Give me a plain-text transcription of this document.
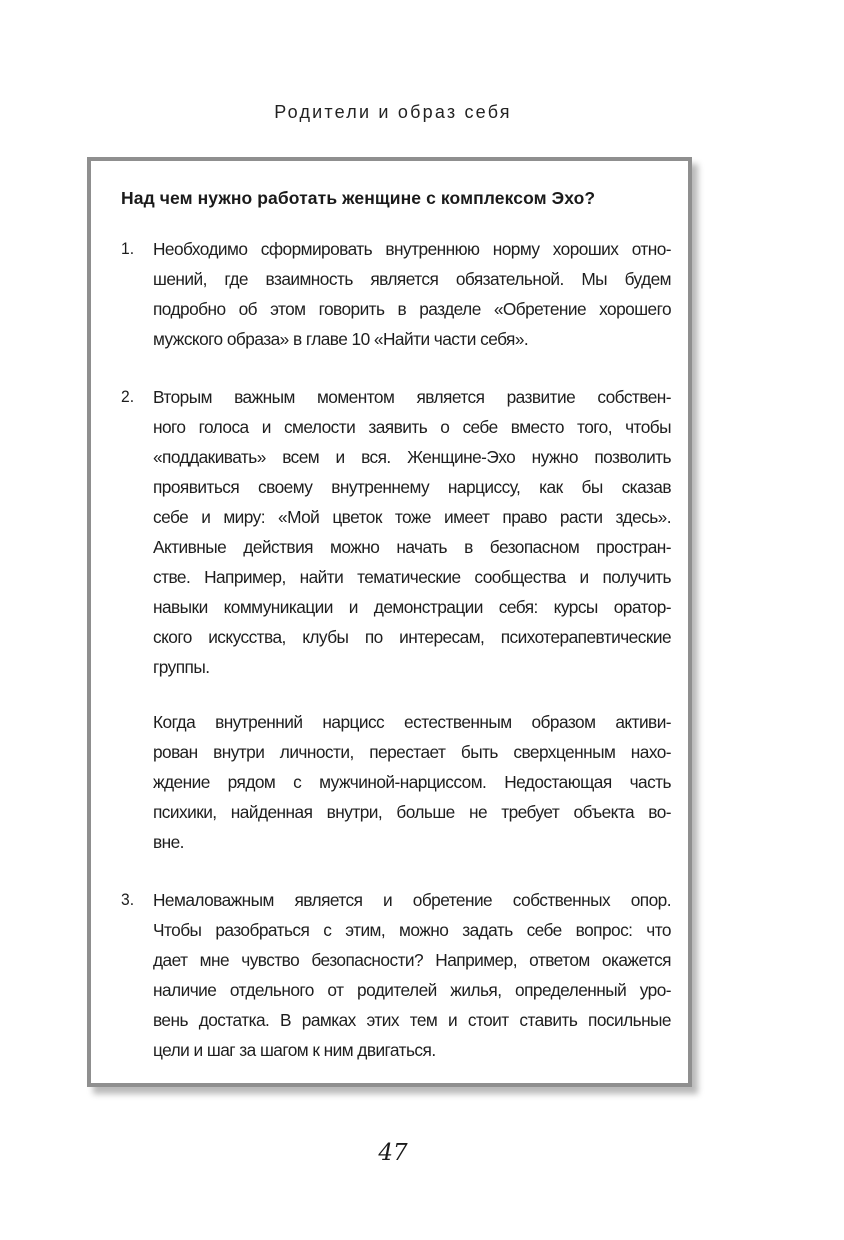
Родители и образ себя
Над чем нужно работать женщине с комплексом Эхо?
1. Необходимо сформировать внутреннюю норму хороших отно-
шений, где взаимность является обязательной. Мы будем
подробно об этом говорить в разделе «Обретение хорошего
мужского образа» в главе 10 «Найти части себя».
2. Вторым важным моментом является развитие собствен-
ного голоса и смелости заявить о себе вместо того, чтобы
«поддакивать» всем и вся. Женщине-Эхо нужно позволить
проявиться своему внутреннему нарциссу, как бы сказав
себе и миру: «Мой цветок тоже имеет право расти здесь».
Активные действия можно начать в безопасном простран-
стве. Например, найти тематические сообщества и получить
навыки коммуникации и демонстрации себя: курсы оратор-
ского искусства, клубы по интересам, психотерапевтические
группы.
Когда внутренний нарцисс естественным образом активи-
рован внутри личности, перестает быть сверхценным нахо-
ждение рядом с мужчиной-нарциссом. Недостающая часть
психики, найденная внутри, больше не требует объекта во-
вне.
3. Немаловажным является и обретение собственных опор.
Чтобы разобраться с этим, можно задать себе вопрос: что
дает мне чувство безопасности? Например, ответом окажется
наличие отдельного от родителей жилья, определенный уро-
вень достатка. В рамках этих тем и стоит ставить посильные
цели и шаг за шагом к ним двигаться.
47
